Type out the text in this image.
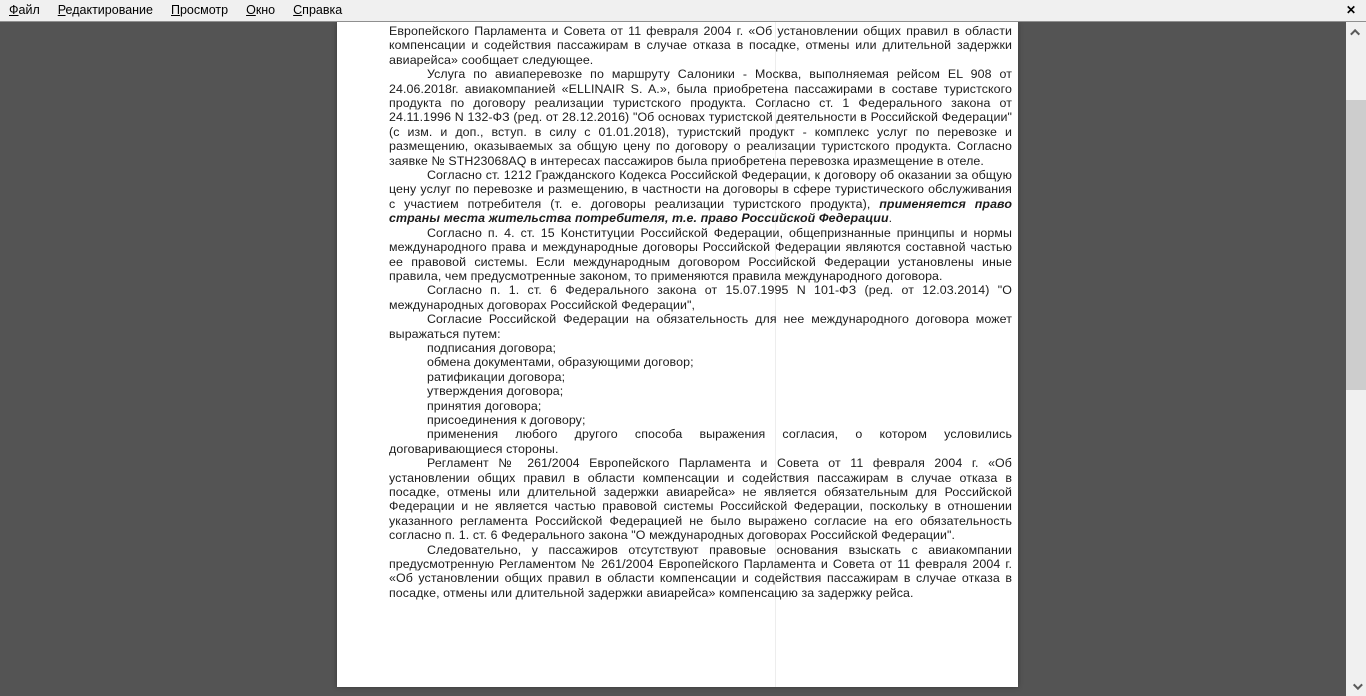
Файл	Редактирование	Просмотр	Окно	Справка	✕

Европейского Парламента и Совета от 11 февраля 2004 г. «Об установлении общих правил в области компенсации и содействия пассажирам в случае отказа в посадке, отмены или длительной задержки авиарейса» сообщает следующее.

Услуга по авиаперевозке по маршруту Салоники - Москва, выполняемая рейсом EL 908 от 24.06.2018г. авиакомпанией «ELLINAIR S. A.», была приобретена пассажирами в составе туристского продукта по договору реализации туристского продукта. Согласно ст. 1 Федерального закона от 24.11.1996 N 132-ФЗ (ред. от 28.12.2016) "Об основах туристской деятельности в Российской Федерации" (с изм. и доп., вступ. в силу с 01.01.2018), туристский продукт - комплекс услуг по перевозке и размещению, оказываемых за общую цену по договору о реализации туристского продукта. Согласно заявке № STH23068AQ в интересах пассажиров была приобретена перевозка иразмещение в отеле.

Согласно ст. 1212 Гражданского Кодекса Российской Федерации, к договору об оказании за общую цену услуг по перевозке и размещению, в частности на договоры в сфере туристического обслуживания с участием потребителя (т. е. договоры реализации туристского продукта), применяется право страны места жительства потребителя, т.е. право Российской Федерации.

Согласно п. 4. ст. 15 Конституции Российской Федерации, общепризнанные принципы и нормы международного права и международные договоры Российской Федерации являются составной частью ее правовой системы. Если международным договором Российской Федерации установлены иные правила, чем предусмотренные законом, то применяются правила международного договора.

Согласно п. 1. ст. 6 Федерального закона от 15.07.1995 N 101-ФЗ (ред. от 12.03.2014) "О международных договорах Российской Федерации",

Согласие Российской Федерации на обязательность для нее международного договора может выражаться путем:

подписания договора;

обмена документами, образующими договор;

ратификации договора;

утверждения договора;

принятия договора;

присоединения к договору;

применения любого другого способа выражения согласия, о котором условились договаривающиеся стороны.

Регламент № 261/2004 Европейского Парламента и Совета от 11 февраля 2004 г. «Об установлении общих правил в области компенсации и содействия пассажирам в случае отказа в посадке, отмены или длительной задержки авиарейса» не является обязательным для Российской Федерации и не является частью правовой системы Российской Федерации, поскольку в отношении указанного регламента Российской Федерацией не было выражено согласие на его обязательность согласно п. 1. ст. 6 Федерального закона "О международных договорах Российской Федерации".

Следовательно, у пассажиров отсутствуют правовые основания взыскать с авиакомпании предусмотренную Регламентом № 261/2004 Европейского Парламента и Совета от 11 февраля 2004 г. «Об установлении общих правил в области компенсации и содействия пассажирам в случае отказа в посадке, отмены или длительной задержки авиарейса» компенсацию за задержку рейса.
